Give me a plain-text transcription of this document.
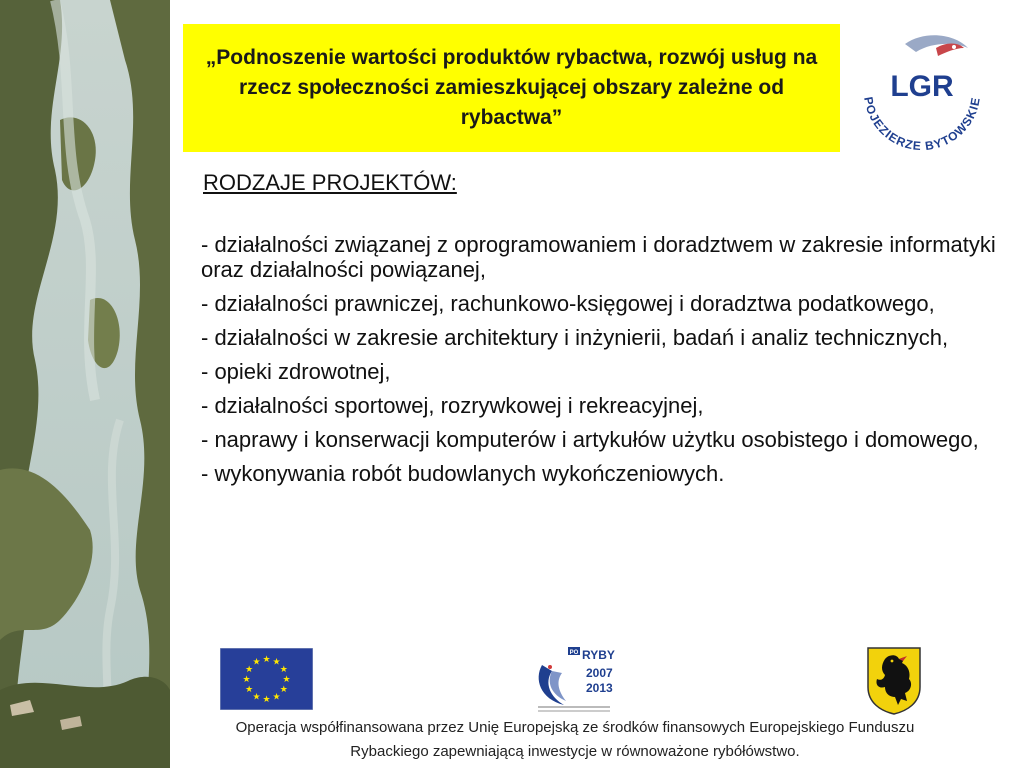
„Podnoszenie wartości produktów rybactwa, rozwój usług na rzecz społeczności zamieszkującej obszary zależne od rybactwa”
LGR
POJEZIERZE BYTOWSKIE
RODZAJE PROJEKTÓW:
- działalności związanej z oprogramowaniem i doradztwem w zakresie informatyki oraz działalności powiązanej,
- działalności prawniczej, rachunkowo-księgowej i doradztwa podatkowego,
- działalności w zakresie architektury i inżynierii, badań i analiz technicznych,
- opieki zdrowotnej,
- działalności sportowej, rozrywkowej i rekreacyjnej,
- naprawy i konserwacji komputerów i artykułów użytku osobistego i domowego,
- wykonywania robót budowlanych wykończeniowych.
★ ★
★
★
★
★
★
★
★
★
★
★
PO RYBY
2007
2013
Operacja współfinansowana przez Unię Europejską ze środków finansowych Europejskiego Funduszu
Rybackiego zapewniającą inwestycje w równoważone rybółówstwo.
